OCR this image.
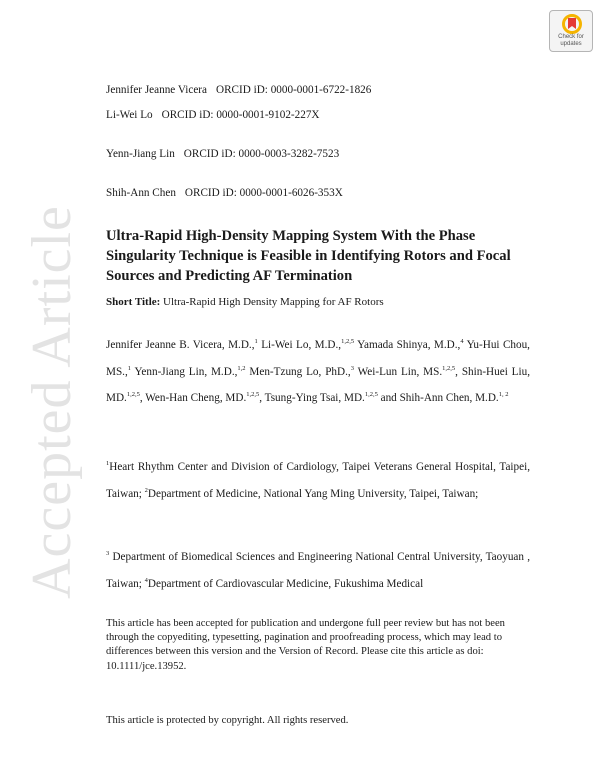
Accepted Article
Check for
updates
Jennifer Jeanne Vicera ORCID iD: 0000-0001-6722-1826
Li-Wei Lo ORCID iD: 0000-0001-9102-227X
Yenn-Jiang Lin ORCID iD: 0000-0003-3282-7523
Shih-Ann Chen ORCID iD: 0000-0001-6026-353X
Ultra-Rapid High-Density Mapping System With the Phase Singularity Technique is Feasible in Identifying Rotors and Focal Sources and Predicting AF Termination
Short Title: Ultra-Rapid High Density Mapping for AF Rotors
Jennifer Jeanne B. Vicera, M.D.,$^1$ Li-Wei Lo, M.D.,$^{1,2,5}$ Yamada Shinya, M.D.,$^4$ Yu-Hui Chou, MS.,$^1$ Yenn-Jiang Lin, M.D.,$^{1,2}$ Men-Tzung Lo, PhD.,$^3$ Wei-Lun Lin, MS.$^{1,2,5}$, Shin-Huei Liu, MD.$^{1,2,5}$, Wen-Han Cheng, MD.$^{1,2,5}$, Tsung-Ying Tsai, MD.$^{1,2,5}$ and Shih-Ann Chen, M.D.$^{1, 2}$
$^1$Heart Rhythm Center and Division of Cardiology, Taipei Veterans General Hospital, Taipei, Taiwan; $^2$Department of Medicine, National Yang Ming University, Taipei, Taiwan;
$^3$ Department of Biomedical Sciences and Engineering National Central University, Taoyuan , Taiwan; $^4$Department of Cardiovascular Medicine, Fukushima Medical
This article has been accepted for publication and undergone full peer review but has not been through the copyediting, typesetting, pagination and proofreading process, which may lead to differences between this version and the Version of Record. Please cite this article as doi: 10.1111/jce.13952.
This article is protected by copyright. All rights reserved.
